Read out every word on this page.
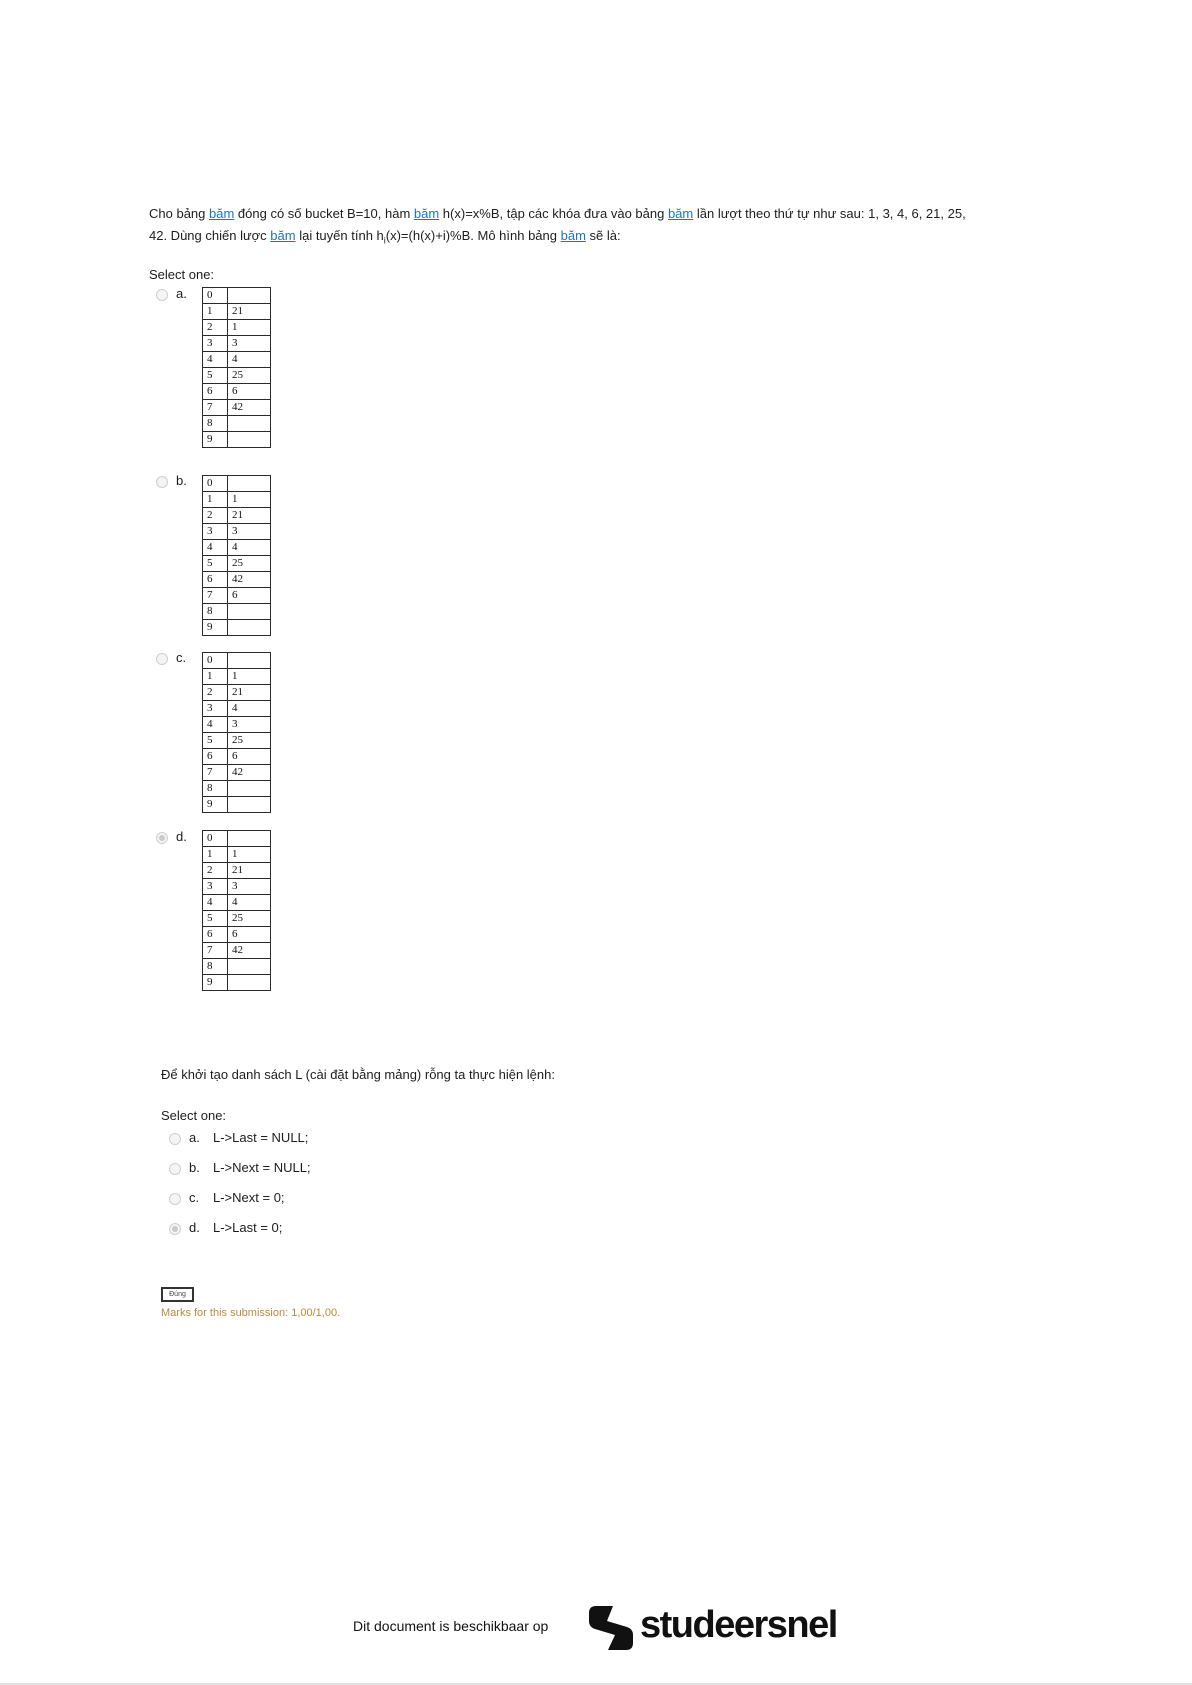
Cho bảng băm đóng có số bucket B=10, hàm băm h(x)=x%B, tập các khóa đưa vào bảng băm lần lượt theo thứ tự như sau: 1, 3, 4, 6, 21, 25,
42. Dùng chiến lược băm lại tuyến tính $h_i(x)=(h(x)+i)\%B$. Mô hình bảng băm sẽ là:
Select one:
a. 0	
1	21
2	1
3	3
4	4
5	25
6	6
7	42
8	
9	
b. 0	
1	1
2	21
3	3
4	4
5	25
6	42
7	6
8	
9	
c. 0	
1	1
2	21
3	4
4	3
5	25
6	6
7	42
8	
9	
d. 0	
1	1
2	21
3	3
4	4
5	25
6	6
7	42
8	
9	
Để khởi tạo danh sách L (cài đặt bằng mảng) rỗng ta thực hiện lệnh:
Select one:
a. L->Last = NULL;
b. L->Next = NULL;
c. L->Next = 0;
d. L->Last = 0;
Đúng
Marks for this submission: 1,00/1,00.
Dit document is beschikbaar op studeersnel
